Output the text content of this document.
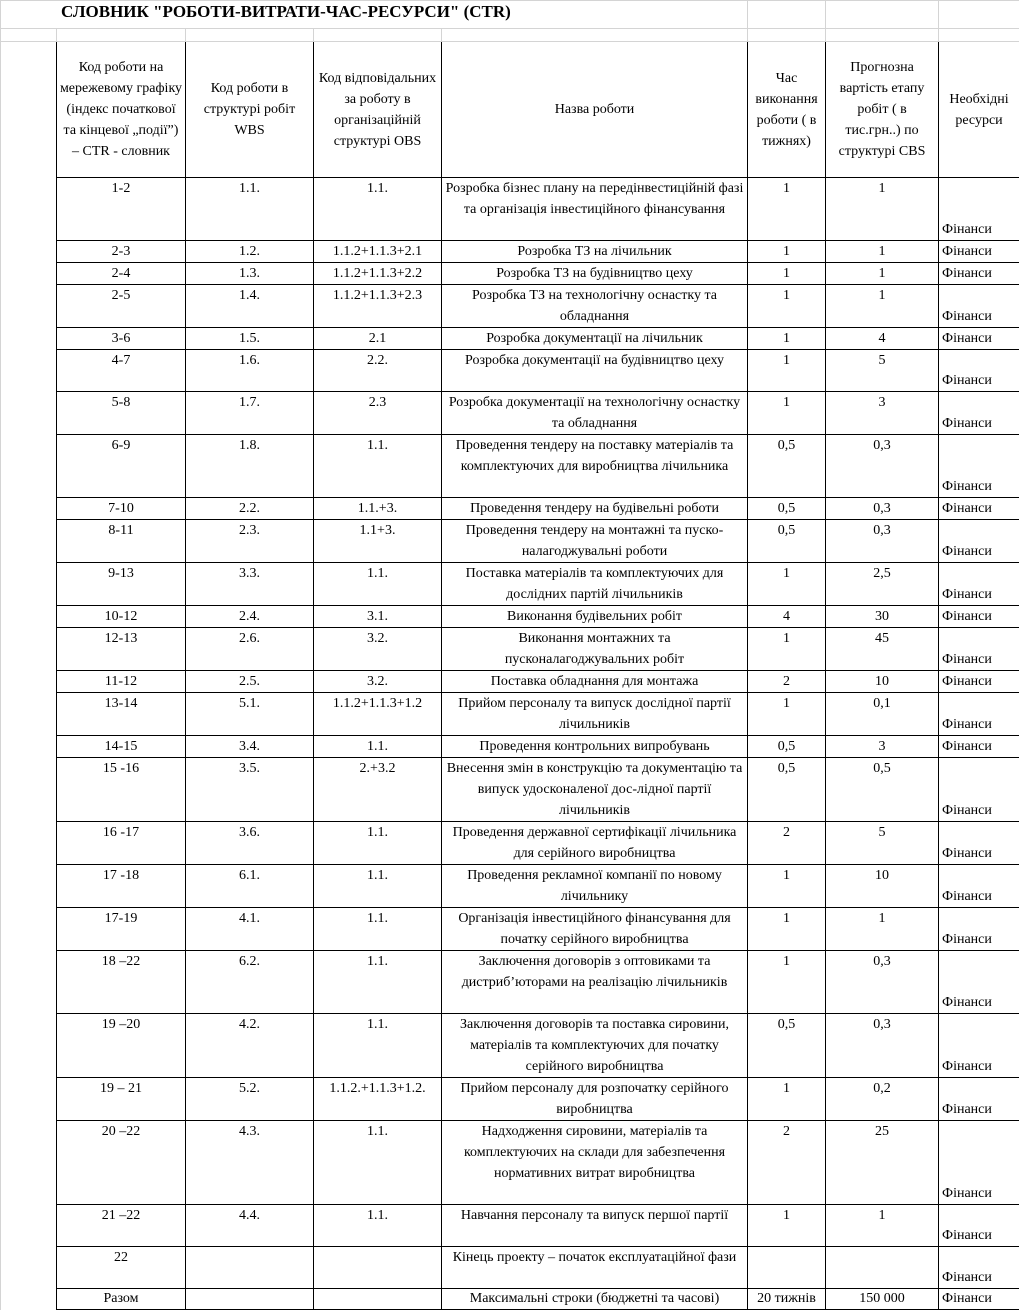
СЛОВНИК "РОБОТИ-ВИТРАТИ-ЧАС-РЕСУРСИ" (CTR)							

	Код роботи на мережевому графіку (індекс початкової та кінцевої „події”) – CTR - словник	Код роботи в структурі робіт WBS	Код відповідальних за роботу в організаційній структурі OBS	Назва роботи	Час виконання роботи ( в тижнях)	Прогнозна вартість етапу робіт ( в тис.грн..) по структурі CBS	Необхідні ресурси
	1-2	1.1.	1.1.	Розробка бізнес плану на передінвестиційній фазі та організація інвестиційного фінансування	1	1	Фінанси
	2-3	1.2.	1.1.2+1.1.3+2.1	Розробка ТЗ на лічильник	1	1	Фінанси
	2-4	1.3.	1.1.2+1.1.3+2.2	Розробка ТЗ на будівництво цеху	1	1	Фінанси
	2-5	1.4.	1.1.2+1.1.3+2.3	Розробка ТЗ на технологічну оснастку та обладнання	1	1	Фінанси
	3-6	1.5.	2.1	Розробка документації на лічильник	1	4	Фінанси
	4-7	1.6.	2.2.	Розробка документації на будівництво цеху	1	5	Фінанси
	5-8	1.7.	2.3	Розробка документації на технологічну оснастку та обладнання	1	3	Фінанси
	6-9	1.8.	1.1.	Проведення тендеру на поставку матеріалів та комплектуючих для виробництва лічильника	0,5	0,3	Фінанси
	7-10	2.2.	1.1.+3.	Проведення тендеру на будівельні роботи	0,5	0,3	Фінанси
	8-11	2.3.	1.1+3.	Проведення тендеру на монтажні та пуско-налагоджувальні роботи	0,5	0,3	Фінанси
	9-13	3.3.	1.1.	Поставка матеріалів та комплектуючих для дослідних партій лічильників	1	2,5	Фінанси
	10-12	2.4.	3.1.	Виконання будівельних робіт	4	30	Фінанси
	12-13	2.6.	3.2.	Виконання монтажних та пусконалагоджувальних робіт	1	45	Фінанси
	11-12	2.5.	3.2.	Поставка обладнання для монтажа	2	10	Фінанси
	13-14	5.1.	1.1.2+1.1.3+1.2	Прийом персоналу та випуск дослідної партії лічильників	1	0,1	Фінанси
	14-15	3.4.	1.1.	Проведення контрольних випробувань	0,5	3	Фінанси
	15 -16	3.5.	2.+3.2	Внесення змін в конструкцію та документацію та випуск удосконаленої дос-лідної партії лічильників	0,5	0,5	Фінанси
	16 -17	3.6.	1.1.	Проведення державної сертифікації лічильника для серійного виробництва	2	5	Фінанси
	17 -18	6.1.	1.1.	Проведення рекламної компанії по новому лічильнику	1	10	Фінанси
	17-19	4.1.	1.1.	Організація інвестиційного фінансування для початку серійного виробництва	1	1	Фінанси
	18 –22	6.2.	1.1.	Заключення договорів з оптовиками та дистриб’юторами на реалізацію лічильників	1	0,3	Фінанси
	19 –20	4.2.	1.1.	Заключення договорів та поставка сировини, матеріалів та комплектуючих для початку серійного виробництва	0,5	0,3	Фінанси
	19 – 21	5.2.	1.1.2.+1.1.3+1.2.	Прийом персоналу для розпочатку серійного виробництва	1	0,2	Фінанси
	20 –22	4.3.	1.1.	Надходження сировини, матеріалів та комплектуючих на склади для забезпечення нормативних витрат виробництва	2	25	Фінанси
	21 –22	4.4.	1.1.	Навчання персоналу та випуск першої партії	1	1	Фінанси
	22			Кінець проекту – початок експлуатаційної фази			Фінанси
	Разом			Максимальні строки (бюджетні та часові)	20 тижнів	150 000	Фінанси
